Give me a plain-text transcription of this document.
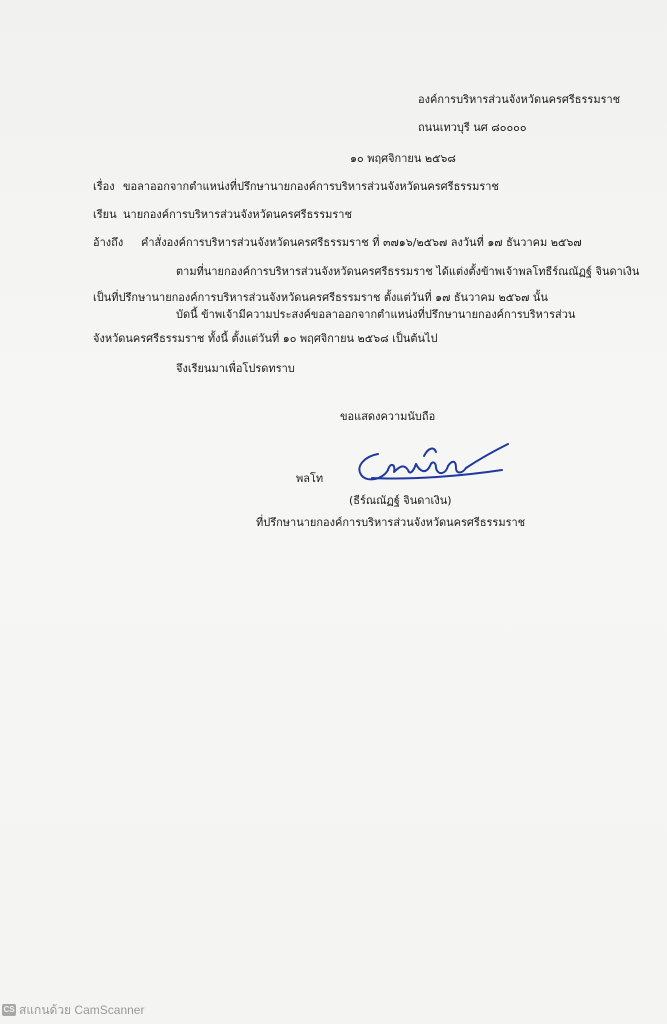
องค์การบริหารส่วนจังหวัดนครศรีธรรมราช
ถนนเทวบุรี นศ ๘๐๐๐๐
๑๐ พฤศจิกายน ๒๕๖๘
เรื่อง ขอลาออกจากตำแหน่งที่ปรึกษานายกองค์การบริหารส่วนจังหวัดนครศรีธรรมราช
เรียน นายกองค์การบริหารส่วนจังหวัดนครศรีธรรมราช
อ้างถึง คำสั่งองค์การบริหารส่วนจังหวัดนครศรีธรรมราช ที่ ๓๗๑๖/๒๕๖๗ ลงวันที่ ๑๗ ธันวาคม ๒๕๖๗
ตามที่นายกองค์การบริหารส่วนจังหวัดนครศรีธรรมราช ได้แต่งตั้งข้าพเจ้าพลโทธีร์ณณัฏฐ์ จินดาเงิน
เป็นที่ปรึกษานายกองค์การบริหารส่วนจังหวัดนครศรีธรรมราช ตั้งแต่วันที่ ๑๗ ธันวาคม ๒๕๖๗ นั้น
บัดนี้ ข้าพเจ้ามีความประสงค์ขอลาออกจากตำแหน่งที่ปรึกษานายกองค์การบริหารส่วน
จังหวัดนครศรีธรรมราช ทั้งนี้ ตั้งแต่วันที่ ๑๐ พฤศจิกายน ๒๕๖๘ เป็นต้นไป
จึงเรียนมาเพื่อโปรดทราบ
ขอแสดงความนับถือ
พลโท
(ธีร์ณณัฏฐ์ จินดาเงิน)
ที่ปรึกษานายกองค์การบริหารส่วนจังหวัดนครศรีธรรมราช
CS สแกนด้วย CamScanner
